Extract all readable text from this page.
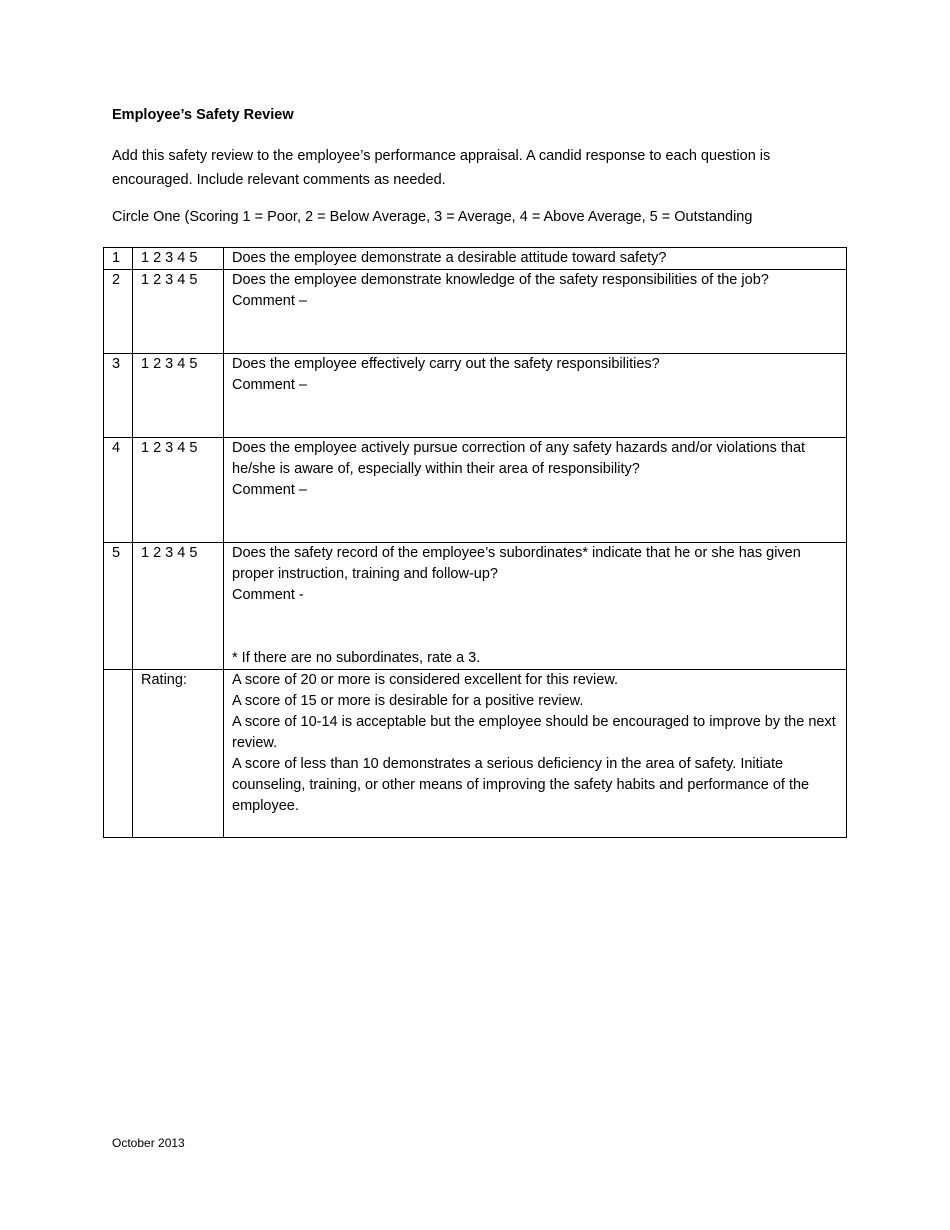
Employee’s Safety Review
Add this safety review to the employee’s performance appraisal. A candid response to each question is encouraged. Include relevant comments as needed.
Circle One (Scoring 1 = Poor, 2 = Below Average, 3 = Average, 4 = Above Average, 5 = Outstanding
1	1 2 3 4 5	Does the employee demonstrate a desirable attitude toward safety?

2	1 2 3 4 5	Does the employee demonstrate knowledge of the safety responsibilities of the job?
Comment –

3	1 2 3 4 5	Does the employee effectively carry out the safety responsibilities?
Comment –

4	1 2 3 4 5	Does the employee actively pursue correction of any safety hazards and/or violations that he/she is aware of, especially within their area of responsibility?
Comment –

5	1 2 3 4 5	Does the safety record of the employee’s subordinates* indicate that he or she has given proper instruction, training and follow-up?
Comment -
* If there are no subordinates, rate a 3.

	Rating:	A score of 20 or more is considered excellent for this review.
A score of 15 or more is desirable for a positive review.
A score of 10-14 is acceptable but the employee should be encouraged to improve by the next review.
A score of less than 10 demonstrates a serious deficiency in the area of safety. Initiate counseling, training, or other means of improving the safety habits and performance of the employee.
October 2013
